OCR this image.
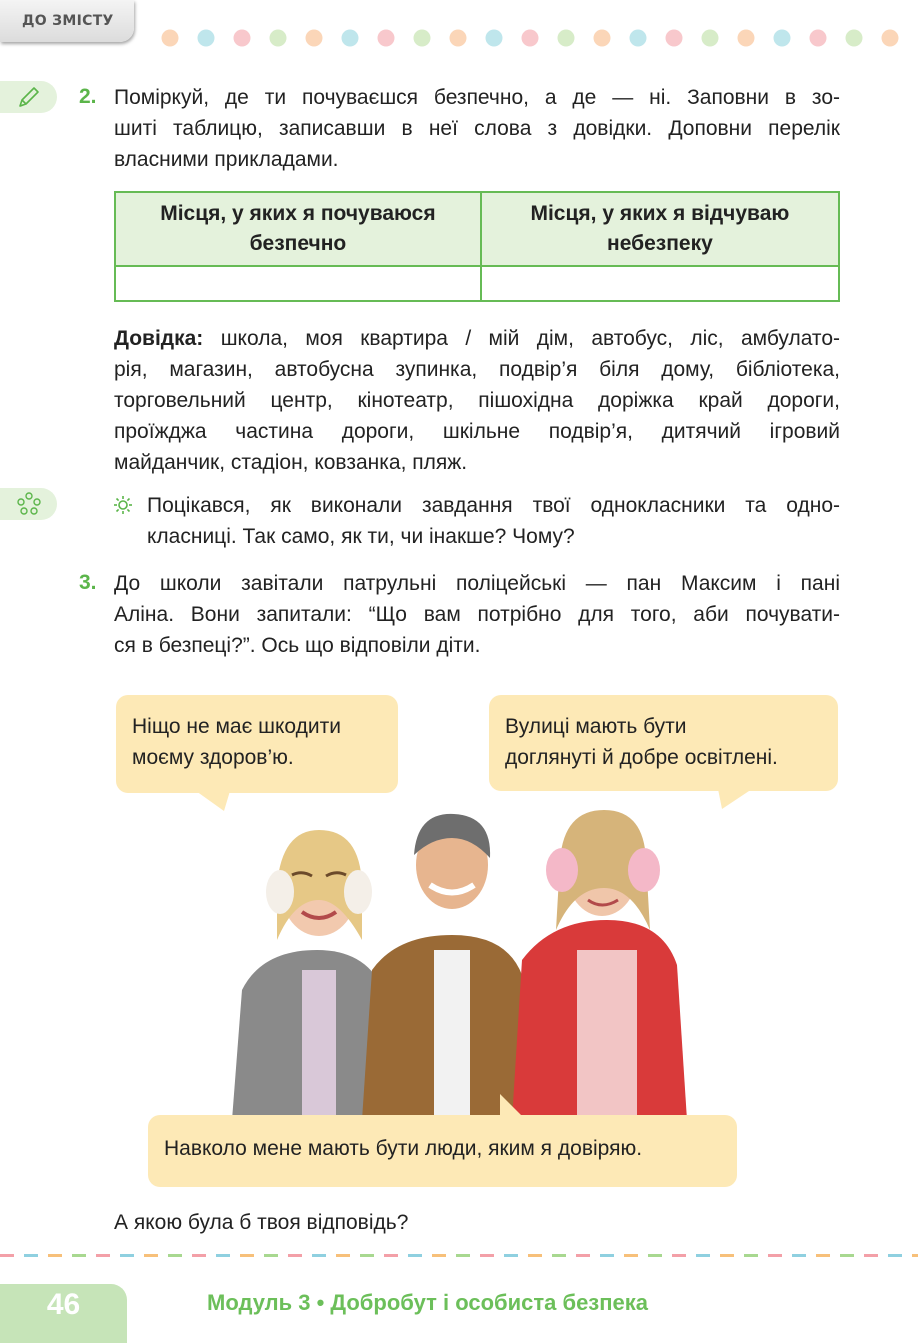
ДО ЗМІСТУ
2. Поміркуй, де ти почуваєшся безпечно, а де — ні. Заповни в зо-
шиті таблицю, записавши в неї слова з довідки. Доповни перелік
власними прикладами.
Місця, у яких я почуваюся безпечно	Місця, у яких я відчуваю небезпеку

Довідка: школа, моя квартира / мій дім, автобус, ліс, амбулато-
рія, магазин, автобусна зупинка, подвір’я біля дому, бібліотека,
торговельний центр, кінотеатр, пішохідна доріжка край дороги,
проїжджа частина дороги, шкільне подвір’я, дитячий ігровий
майданчик, стадіон, ковзанка, пляж.
Поцікався, як виконали завдання твої однокласники та одно-
класниці. Так само, як ти, чи інакше? Чому?
3. До школи завітали патрульні поліцейські — пан Максим і пані
Аліна. Вони запитали: “Що вам потрібно для того, аби почувати-
ся в безпеці?”. Ось що відповіли діти.
Ніщо не має шкодити
моєму здоров’ю.
Вулиці мають бути
доглянуті й добре освітлені.
Навколо мене мають бути люди, яким я довіряю.
А якою була б твоя відповідь?
46	Модуль 3 • Добробут і особиста безпека
